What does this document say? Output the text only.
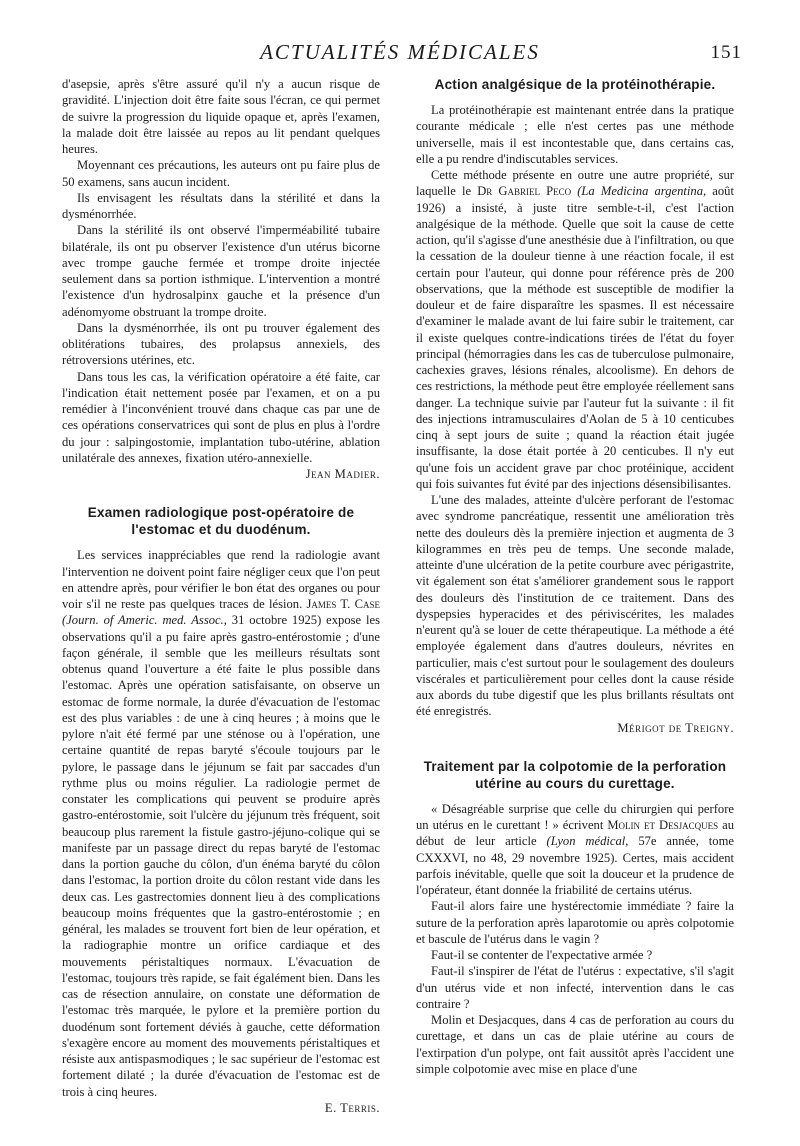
ACTUALITÉS MÉDICALES	151

d'asepsie, après s'être assuré qu'il n'y a aucun risque de gravidité. L'injection doit être faite sous l'écran, ce qui permet de suivre la progression du liquide opaque et, après l'examen, la malade doit être laissée au repos au lit pendant quelques heures.

Moyennant ces précautions, les auteurs ont pu faire plus de 50 examens, sans aucun incident.

Ils envisagent les résultats dans la stérilité et dans la dysménorrhée.

Dans la stérilité ils ont observé l'imperméabilité tubaire bilatérale, ils ont pu observer l'existence d'un utérus bicorne avec trompe gauche fermée et trompe droite injectée seulement dans sa portion isthmique. L'intervention a montré l'existence d'un hydrosalpinx gauche et la présence d'un adénomyome obstruant la trompe droite.

Dans la dysménorrhée, ils ont pu trouver également des oblitérations tubaires, des prolapsus annexiels, des rétroversions utérines, etc.

Dans tous les cas, la vérification opératoire a été faite, car l'indication était nettement posée par l'examen, et on a pu remédier à l'inconvénient trouvé dans chaque cas par une de ces opérations conservatrices qui sont de plus en plus à l'ordre du jour : salpingostomie, implantation tubo-utérine, ablation unilatérale des annexes, fixation utéro-annexielle.

Jean Madier.

Examen radiologique post-opératoire de l'estomac et du duodénum.

Les services inappréciables que rend la radiologie avant l'intervention ne doivent point faire négliger ceux que l'on peut en attendre après, pour vérifier le bon état des organes ou pour voir s'il ne reste pas quelques traces de lésion. James T. Case (Journ. of Americ. med. Assoc., 31 octobre 1925) expose les observations qu'il a pu faire après gastro-entérostomie ; d'une façon générale, il semble que les meilleurs résultats sont obtenus quand l'ouverture a été faite le plus possible dans l'estomac. Après une opération satisfaisante, on observe un estomac de forme normale, la durée d'évacuation de l'estomac est des plus variables : de une à cinq heures ; à moins que le pylore n'ait été fermé par une sténose ou à l'opération, une certaine quantité de repas baryté s'écoule toujours par le pylore, le passage dans le jéjunum se fait par saccades d'un rythme plus ou moins régulier. La radiologie permet de constater les complications qui peuvent se produire après gastro-entérostomie, soit l'ulcère du jéjunum très fréquent, soit beaucoup plus rarement la fistule gastro-jéjuno-colique qui se manifeste par un passage direct du repas baryté de l'estomac dans la portion gauche du côlon, d'un énéma baryté du côlon dans l'estomac, la portion droite du côlon restant vide dans les deux cas. Les gastrectomies donnent lieu à des complications beaucoup moins fréquentes que la gastro-entérostomie ; en général, les malades se trouvent fort bien de leur opération, et la radiographie montre un orifice cardiaque et des mouvements péristaltiques normaux. L'évacuation de l'estomac, toujours très rapide, se fait égalément bien. Dans les cas de résection annulaire, on constate une déformation de l'estomac très marquée, le pylore et la première portion du duodénum sont fortement déviés à gauche, cette déformation s'exagère encore au moment des mouvements péristaltiques et résiste aux antispasmodiques ; le sac supérieur de l'estomac est fortement dilaté ; la durée d'évacuation de l'estomac est de trois à cinq heures.

E. Terris.

Action analgésique de la protéinothérapie.

La protéinothérapie est maintenant entrée dans la pratique courante médicale ; elle n'est certes pas une méthode universelle, mais il est incontestable que, dans certains cas, elle a pu rendre d'indiscutables services.

Cette méthode présente en outre une autre propriété, sur laquelle le Dr Gabriel Peco (La Medicina argentina, août 1926) a insisté, à juste titre semble-t-il, c'est l'action analgésique de la méthode. Quelle que soit la cause de cette action, qu'il s'agisse d'une anesthésie due à l'infiltration, ou que la cessation de la douleur tienne à une réaction focale, il est certain pour l'auteur, qui donne pour référence près de 200 observations, que la méthode est susceptible de modifier la douleur et de faire disparaître les spasmes. Il est nécessaire d'examiner le malade avant de lui faire subir le traitement, car il existe quelques contre-indications tirées de l'état du foyer principal (hémorragies dans les cas de tuberculose pulmonaire, cachexies graves, lésions rénales, alcoolisme). En dehors de ces restrictions, la méthode peut être employée réellement sans danger. La technique suivie par l'auteur fut la suivante : il fit des injections intramusculaires d'Aolan de 5 à 10 centicubes cinq à sept jours de suite ; quand la réaction était jugée insuffisante, la dose était portée à 20 centicubes. Il n'y eut qu'une fois un accident grave par choc protéinique, accident qui fois suivantes fut évité par des injections désensibilisantes.

L'une des malades, atteinte d'ulcère perforant de l'estomac avec syndrome pancréatique, ressentit une amélioration très nette des douleurs dès la première injection et augmenta de 3 kilogrammes en très peu de temps. Une seconde malade, atteinte d'une ulcération de la petite courbure avec périgastrite, vit également son état s'améliorer grandement sous le rapport des douleurs dès l'institution de ce traitement. Dans des dyspepsies hyperacides et des périviscérites, les malades n'eurent qu'à se louer de cette thérapeutique. La méthode a été employée également dans d'autres douleurs, névrites en particulier, mais c'est surtout pour le soulagement des douleurs viscérales et particulièrement pour celles dont la cause réside aux abords du tube digestif que les plus brillants résultats ont été enregistrés.

Mérigot de Treigny.

Traitement par la colpotomie de la perforation utérine au cours du curettage.

« Désagréable surprise que celle du chirurgien qui perfore un utérus en le curettant ! » écrivent Molin et Desjacques au début de leur article (Lyon médical, 57e année, tome CXXXVI, no 48, 29 novembre 1925). Certes, mais accident parfois inévitable, quelle que soit la douceur et la prudence de l'opérateur, étant donnée la friabilité de certains utérus.

Faut-il alors faire une hystérectomie immédiate ? faire la suture de la perforation après laparotomie ou après colpotomie et bascule de l'utérus dans le vagin ?

Faut-il se contenter de l'expectative armée ?

Faut-il s'inspirer de l'état de l'utérus : expectative, s'il s'agit d'un utérus vide et non infecté, intervention dans le cas contraire ?

Molin et Desjacques, dans 4 cas de perforation au cours du curettage, et dans un cas de plaie utérine au cours de l'extirpation d'un polype, ont fait aussitôt après l'accident une simple colpotomie avec mise en place d'une
